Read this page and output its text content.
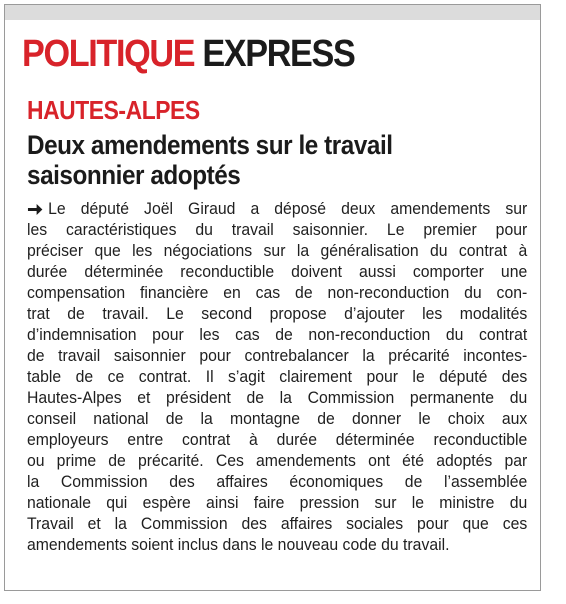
POLITIQUE EXPRESS
HAUTES-ALPES
Deux amendements sur le travail
saisonnier adoptés
Le député Joël Giraud a déposé deux amendements sur
les caractéristiques du travail saisonnier. Le premier pour
préciser que les négociations sur la généralisation du contrat à
durée déterminée reconductible doivent aussi comporter une
compensation financière en cas de non-reconduction du con-
trat de travail. Le second propose d’ajouter les modalités
d’indemnisation pour les cas de non-reconduction du contrat
de travail saisonnier pour contrebalancer la précarité incontes-
table de ce contrat. Il s’agit clairement pour le député des
Hautes-Alpes et président de la Commission permanente du
conseil national de la montagne de donner le choix aux
employeurs entre contrat à durée déterminée reconductible
ou prime de précarité. Ces amendements ont été adoptés par
la Commission des affaires économiques de l’assemblée
nationale qui espère ainsi faire pression sur le ministre du
Travail et la Commission des affaires sociales pour que ces
amendements soient inclus dans le nouveau code du travail.
